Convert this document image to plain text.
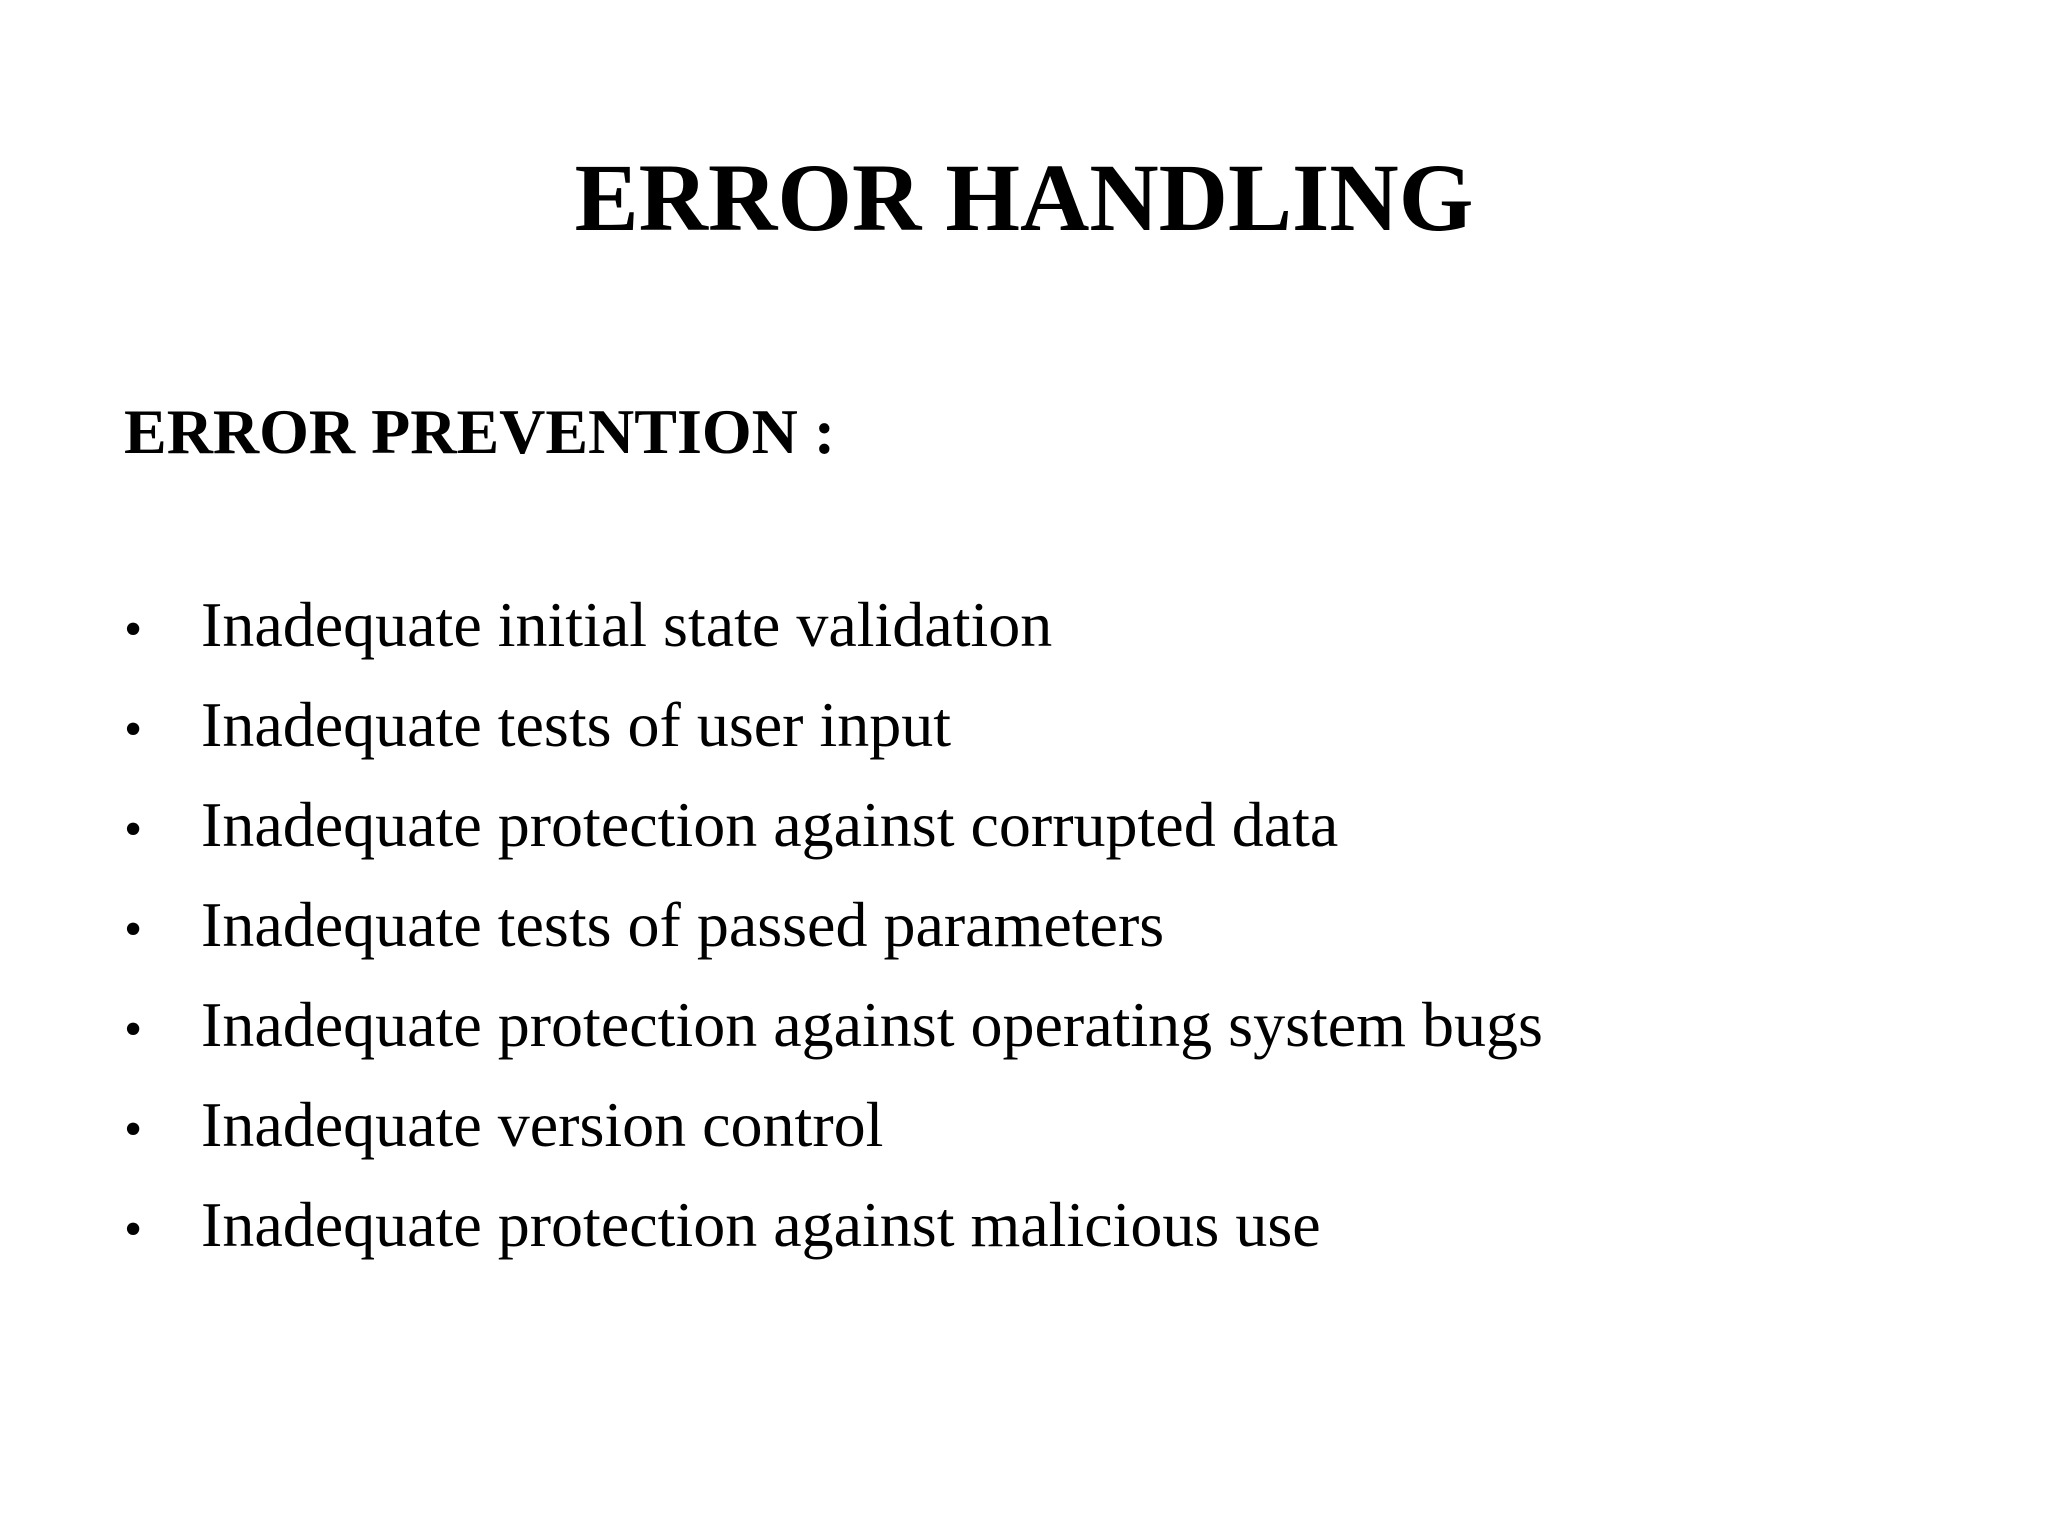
ERROR HANDLING
ERROR PREVENTION :
• Inadequate initial state validation
• Inadequate tests of user input
• Inadequate protection against corrupted data
• Inadequate tests of passed parameters
• Inadequate protection against operating system bugs
• Inadequate version control
• Inadequate protection against malicious use
